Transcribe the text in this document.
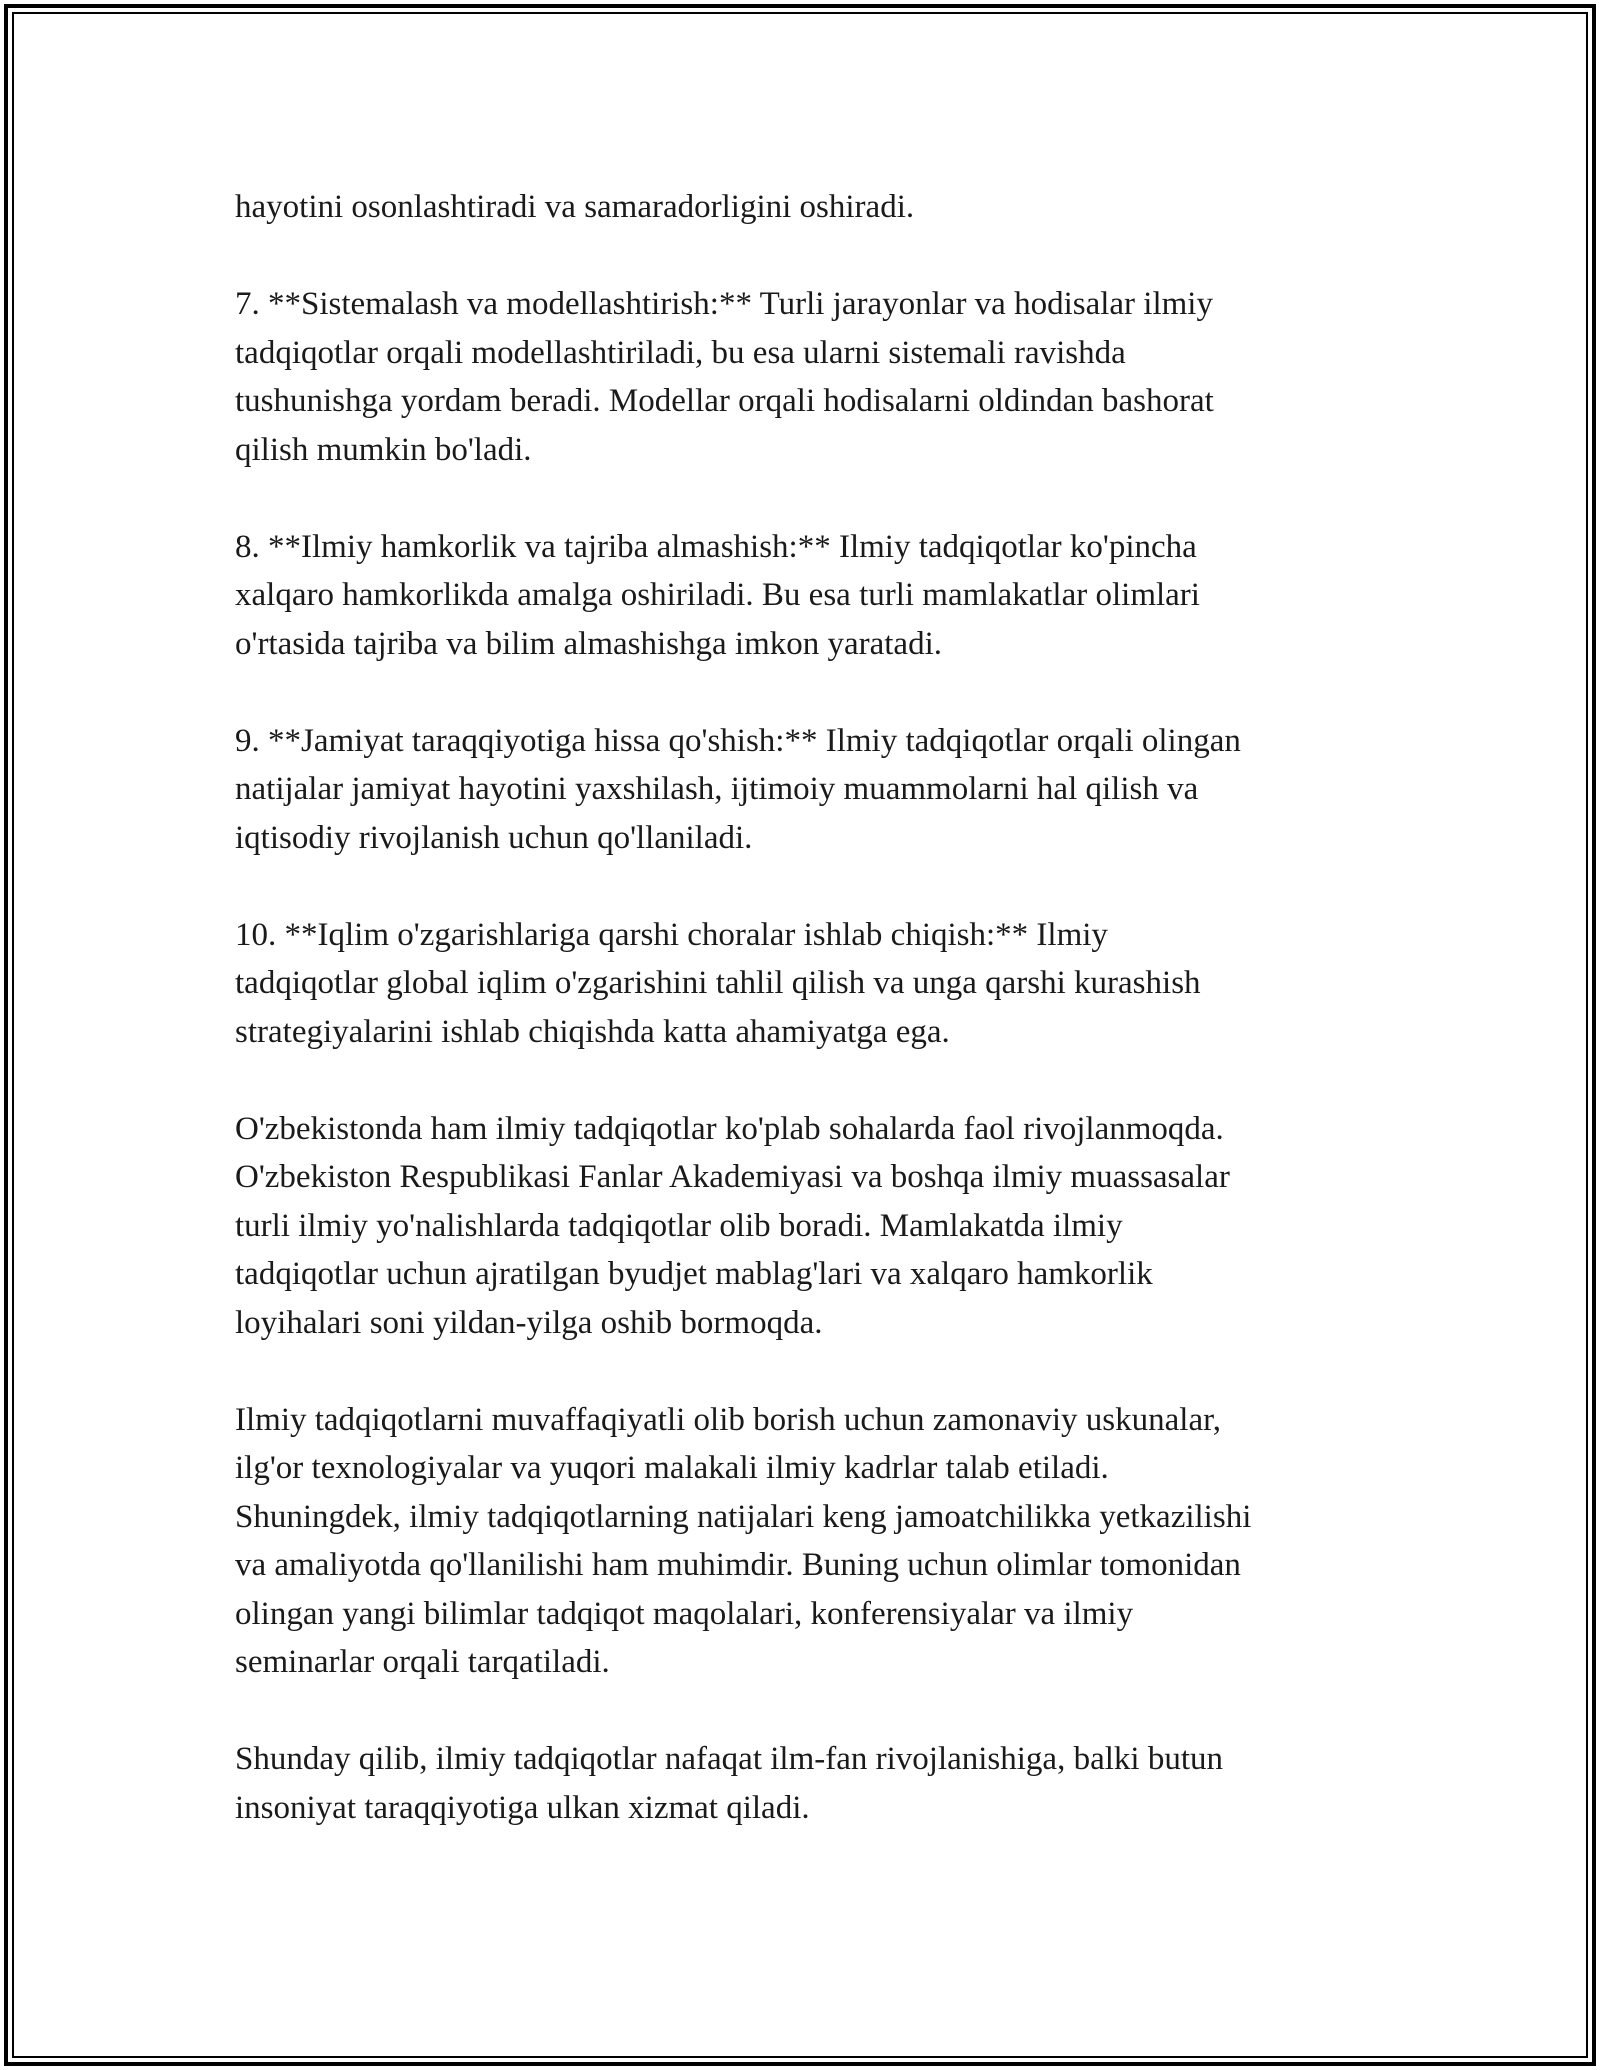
hayotini osonlashtiradi va samaradorligini oshiradi.
7. **Sistemalash va modellashtirish:** Turli jarayonlar va hodisalar ilmiy
tadqiqotlar orqali modellashtiriladi, bu esa ularni sistemali ravishda
tushunishga yordam beradi. Modellar orqali hodisalarni oldindan bashorat
qilish mumkin bo'ladi.
8. **Ilmiy hamkorlik va tajriba almashish:** Ilmiy tadqiqotlar ko'pincha
xalqaro hamkorlikda amalga oshiriladi. Bu esa turli mamlakatlar olimlari
o'rtasida tajriba va bilim almashishga imkon yaratadi.
9. **Jamiyat taraqqiyotiga hissa qo'shish:** Ilmiy tadqiqotlar orqali olingan
natijalar jamiyat hayotini yaxshilash, ijtimoiy muammolarni hal qilish va
iqtisodiy rivojlanish uchun qo'llaniladi.
10. **Iqlim o'zgarishlariga qarshi choralar ishlab chiqish:** Ilmiy
tadqiqotlar global iqlim o'zgarishini tahlil qilish va unga qarshi kurashish
strategiyalarini ishlab chiqishda katta ahamiyatga ega.
O'zbekistonda ham ilmiy tadqiqotlar ko'plab sohalarda faol rivojlanmoqda.
O'zbekiston Respublikasi Fanlar Akademiyasi va boshqa ilmiy muassasalar
turli ilmiy yo'nalishlarda tadqiqotlar olib boradi. Mamlakatda ilmiy
tadqiqotlar uchun ajratilgan byudjet mablag'lari va xalqaro hamkorlik
loyihalari soni yildan-yilga oshib bormoqda.
Ilmiy tadqiqotlarni muvaffaqiyatli olib borish uchun zamonaviy uskunalar,
ilg'or texnologiyalar va yuqori malakali ilmiy kadrlar talab etiladi.
Shuningdek, ilmiy tadqiqotlarning natijalari keng jamoatchilikka yetkazilishi
va amaliyotda qo'llanilishi ham muhimdir. Buning uchun olimlar tomonidan
olingan yangi bilimlar tadqiqot maqolalari, konferensiyalar va ilmiy
seminarlar orqali tarqatiladi.
Shunday qilib, ilmiy tadqiqotlar nafaqat ilm-fan rivojlanishiga, balki butun
insoniyat taraqqiyotiga ulkan xizmat qiladi.
